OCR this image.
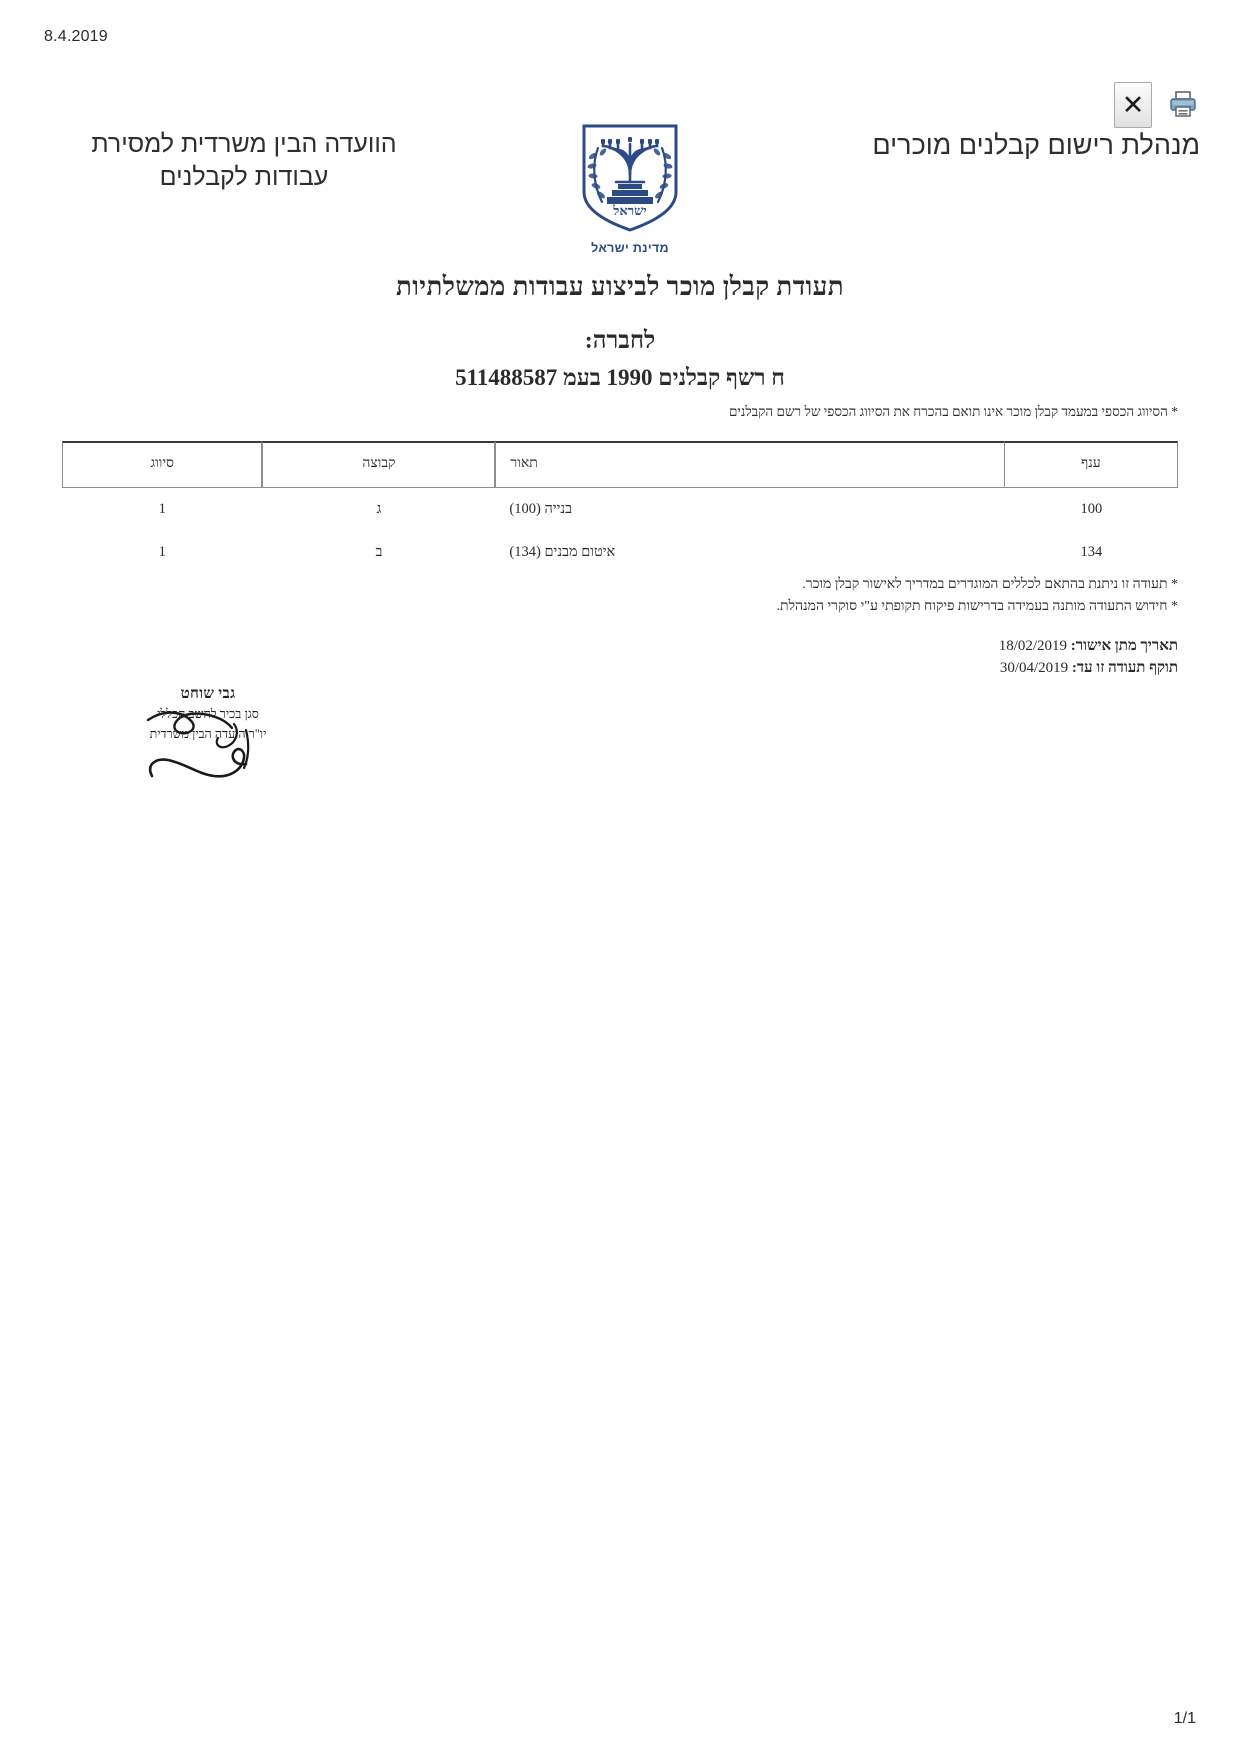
8.4.2019
✕
מנהלת רישום קבלנים מוכרים
ישראל
מדינת ישראל
הוועדה הבין משרדית למסירת עבודות לקבלנים
תעודת קבלן מוכר לביצוע עבודות ממשלתיות
לחברה:
ח רשף קבלנים 1990 בעמ 511488587
* הסיווג הכספי במעמד קבלן מוכר אינו תואם בהכרח את הסיווג הכספי של רשם הקבלנים
ענף	תאור	קבוצה	סיווג
100	בנייה (100)	ג	1
134	איטום מבנים (134)	ב	1
* תעודה זו ניתנת בהתאם לכללים המוגדרים במדריך לאישור קבלן מוכר.
* חידוש התעודה מותנה בעמידה בדרישות פיקוח תקופתי ע"י סוקרי המנהלת.
תאריך מתן אישור: 18/02/2019
תוקף תעודה זו עד: 30/04/2019
גבי שוחט
סגן בכיר לחשב הכללי
יו"ר הועדה הבין משרדית
1/1
